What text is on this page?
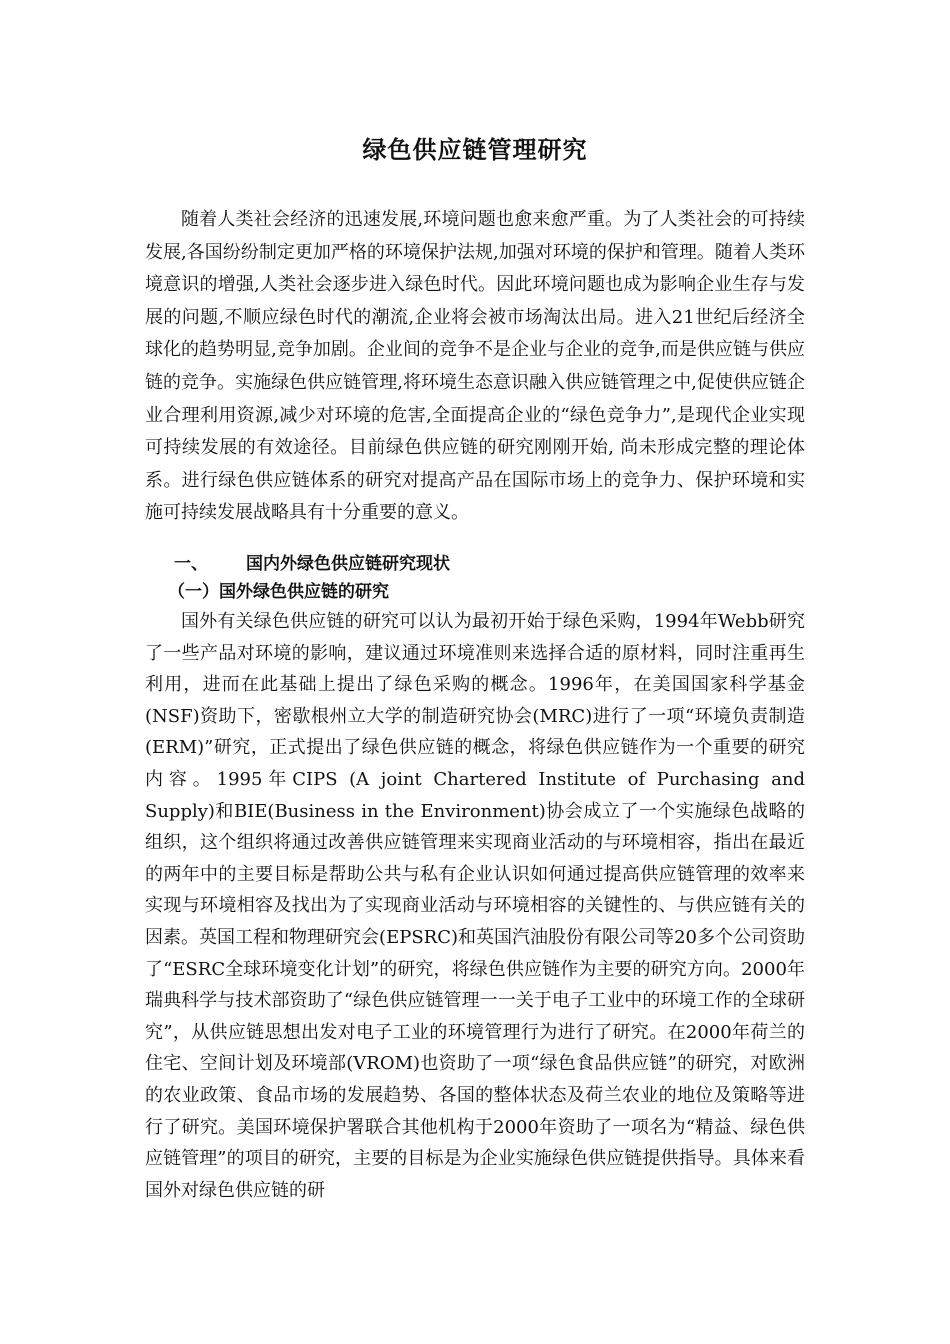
绿色供应链管理研究

随着人类社会经济的迅速发展,环境问题也愈来愈严重。为了人类社会的可持续发展,各国纷纷制定更加严格的环境保护法规,加强对环境的保护和管理。随着人类环境意识的增强,人类社会逐步进入绿色时代。因此环境问题也成为影响企业生存与发展的问题,不顺应绿色时代的潮流,企业将会被市场淘汰出局。进入21世纪后经济全球化的趋势明显,竞争加剧。企业间的竞争不是企业与企业的竞争,而是供应链与供应链的竞争。实施绿色供应链管理,将环境生态意识融入供应链管理之中,促使供应链企业合理利用资源,减少对环境的危害,全面提高企业的“绿色竞争力”,是现代企业实现可持续发展的有效途径。目前绿色供应链的研究刚刚开始, 尚未形成完整的理论体系。进行绿色供应链体系的研究对提高产品在国际市场上的竞争力、保护环境和实施可持续发展战略具有十分重要的意义。

一、 国内外绿色供应链研究现状
（一）国外绿色供应链的研究

国外有关绿色供应链的研究可以认为最初开始于绿色采购，1994年Webb研究了一些产品对环境的影响，建议通过环境准则来选择合适的原材料，同时注重再生利用，进而在此基础上提出了绿色采购的概念。1996年，在美国国家科学基金 (NSF)资助下，密歇根州立大学的制造研究协会(MRC)进行了一项“环境负责制造(ERM)”研究，正式提出了绿色供应链的概念，将绿色供应链作为一个重要的研究内容。1995年CIPS (A joint Chartered Institute of Purchasing and Supply)和BIE(Business in the Environment)协会成立了一个实施绿色战略的组织，这个组织将通过改善供应链管理来实现商业活动的与环境相容，指出在最近的两年中的主要目标是帮助公共与私有企业认识如何通过提高供应链管理的效率来实现与环境相容及找出为了实现商业活动与环境相容的关键性的、与供应链有关的因素。英国工程和物理研究会(EPSRC)和英国汽油股份有限公司等20多个公司资助了“ESRC全球环境变化计划”的研究，将绿色供应链作为主要的研究方向。2000年瑞典科学与技术部资助了“绿色供应链管理一一关于电子工业中的环境工作的全球研究”，从供应链思想出发对电子工业的环境管理行为进行了研究。在2000年荷兰的住宅、空间计划及环境部(VROM)也资助了一项“绿色食品供应链”的研究，对欧洲的农业政策、食品市场的发展趋势、各国的整体状态及荷兰农业的地位及策略等进行了研究。美国环境保护署联合其他机构于2000年资助了一项名为“精益、绿色供应链管理”的项目的研究，主要的目标是为企业实施绿色供应链提供指导。具体来看国外对绿色供应链的研
